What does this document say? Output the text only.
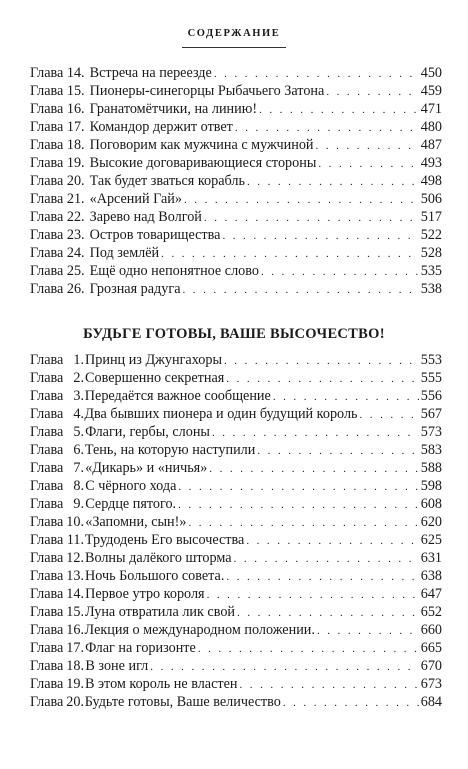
СОДЕРЖАНИЕ
Глава 14. Встреча на переезде . . .	450
Глава 15. Пионеры-синегорцы Рыбачьего Затона . . .	459
Глава 16. Гранатомётчики, на линию! . . .	471
Глава 17. Командор держит ответ . . .	480
Глава 18. Поговорим как мужчина с мужчиной . . .	487
Глава 19. Высокие договаривающиеся стороны . . .	493
Глава 20. Так будет зваться корабль . . .	498
Глава 21. «Арсений Гай» . . .	506
Глава 22. Зарево над Волгой . . .	517
Глава 23. Остров товарищества . . .	522
Глава 24. Под землёй . . .	528
Глава 25. Ещё одно непонятное слово . . .	535
Глава 26. Грозная радуга . . .	538
БУДЬГЕ ГОТОВЫ, ВАШЕ ВЫСОЧЕСТВО!
Глава 1. Принц из Джунгахоры . . .	553
Глава 2. Совершенно секретная . . .	555
Глава 3. Передаётся важное сообщение . . .	556
Глава 4. Два бывших пионера и один будущий король . . .	567
Глава 5. Флаги, гербы, слоны . . .	573
Глава 6. Тень, на которую наступили . . .	583
Глава 7. «Дикарь» и «ничья» . . .	588
Глава 8. С чёрного хода . . .	598
Глава 9. Сердце пятого. . . .	608
Глава 10. «Запомни, сын!» . . .	620
Глава 11. Трудодень Его высочества . . .	625
Глава 12. Волны далёкого шторма . . .	631
Глава 13. Ночь Большого совета. . . .	638
Глава 14. Первое утро короля . . .	647
Глава 15. Луна отвратила лик свой . . .	652
Глава 16. Лекция о международном положении. . . .	660
Глава 17. Флаг на горизонте . . .	665
Глава 18. В зоне игл . . .	670
Глава 19. В этом король не властен . . .	673
Глава 20. Будьте готовы, Ваше величество . . .	684
